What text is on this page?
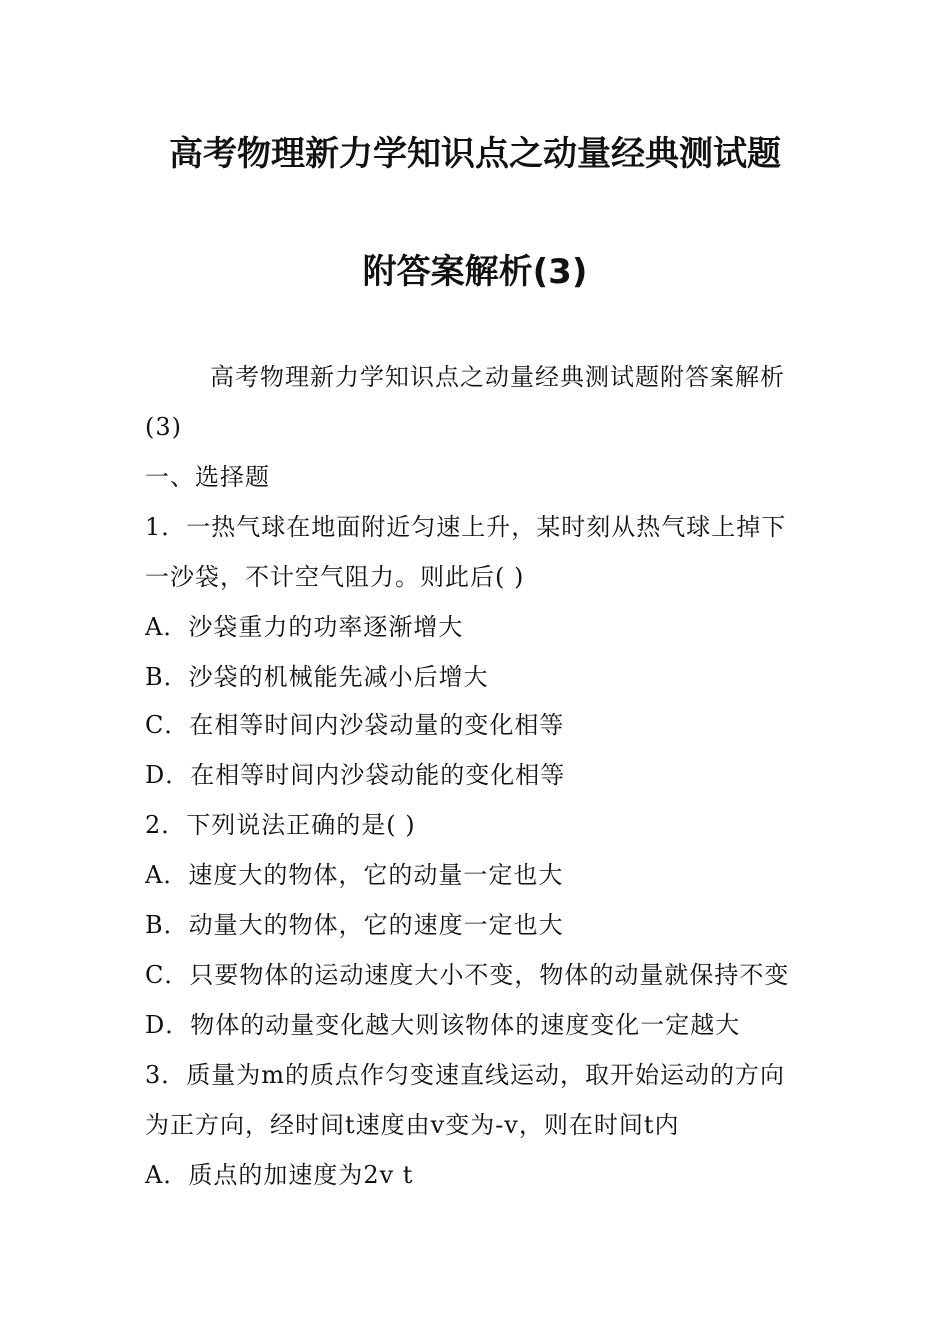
高考物理新力学知识点之动量经典测试题
附答案解析(3)
高考物理新力学知识点之动量经典测试题附答案解析
(3)
一、选择题
1．一热气球在地面附近匀速上升，某时刻从热气球上掉下
一沙袋，不计空气阻力。则此后( )
A．沙袋重力的功率逐渐增大
B．沙袋的机械能先减小后增大
C．在相等时间内沙袋动量的变化相等
D．在相等时间内沙袋动能的变化相等
2．下列说法正确的是( )
A．速度大的物体，它的动量一定也大
B．动量大的物体，它的速度一定也大
C．只要物体的运动速度大小不变，物体的动量就保持不变
D．物体的动量变化越大则该物体的速度变化一定越大
3．质量为m的质点作匀变速直线运动，取开始运动的方向
为正方向，经时间t速度由v变为-v，则在时间t内
A．质点的加速度为2v t
